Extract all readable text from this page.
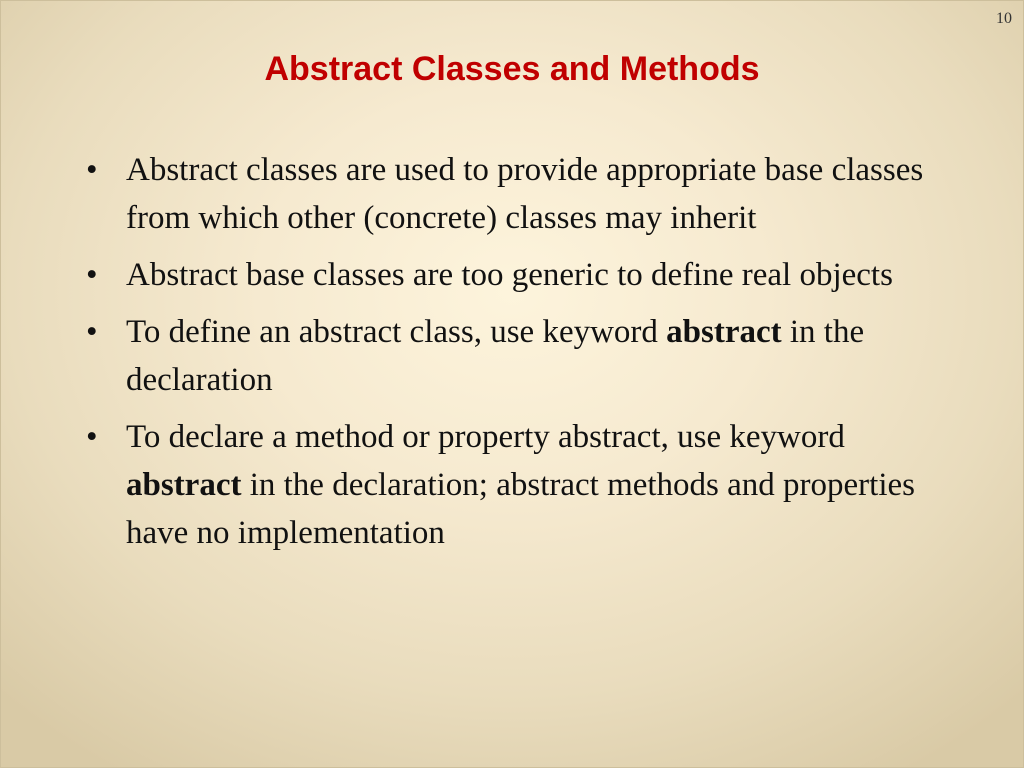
10
Abstract Classes and Methods
• Abstract classes are used to provide appropriate base classes from which other (concrete) classes may inherit
• Abstract base classes are too generic to define real objects
• To define an abstract class, use keyword abstract in the declaration
• To declare a method or property abstract, use keyword abstract in the declaration; abstract methods and properties have no implementation
